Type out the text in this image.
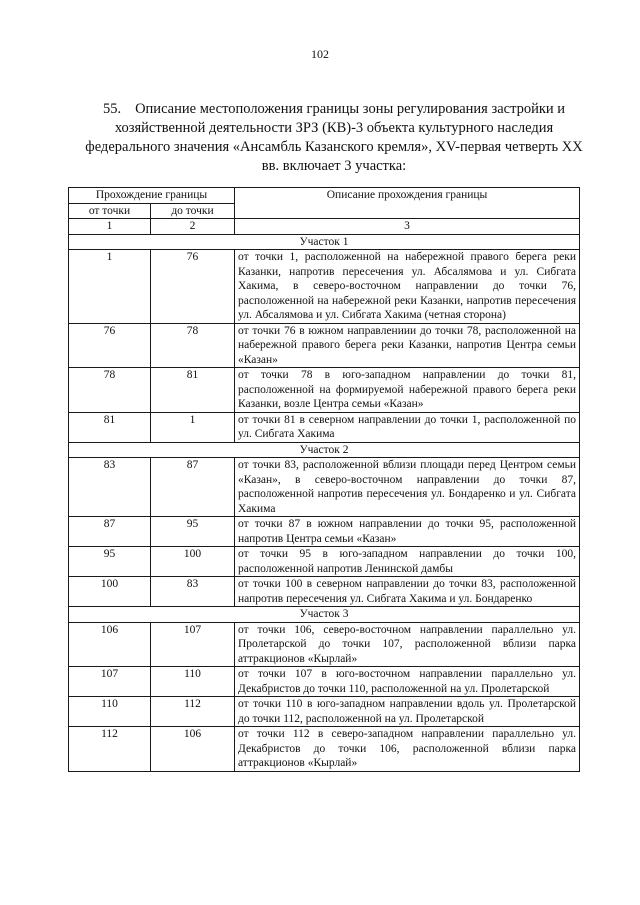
102
55. Описание местоположения границы зоны регулирования застройки и хозяйственной деятельности ЗРЗ (КВ)-3 объекта культурного наследия федерального значения «Ансамбль Казанского кремля», XV-первая четверть XX вв. включает 3 участка:
Прохождение границы		Описание прохождения границы
от точки	до точки	
1	2	3
Участок 1		
1	76	от точки 1, расположенной на набережной правого берега реки Казанки, напротив пересечения ул. Абсалямова и ул. Сибгата Хакима, в северо-восточном направлении до точки 76, расположенной на набережной реки Казанки, напротив пересечения ул. Абсалямова и ул. Сибгата Хакима (четная сторона)
76	78	от точки 76 в южном направлениии до точки 78, расположенной на набережной правого берега реки Казанки, напротив Центра семьи «Казан»
78	81	от точки 78 в юго-западном направлении до точки 81, расположенной на формируемой набережной правого берега реки Казанки, возле Центра семьи «Казан»
81	1	от точки 81 в северном направлении до точки 1, расположенной по ул. Сибгата Хакима
Участок 2		
83	87	от точки 83, расположенной вблизи площади перед Центром семьи «Казан», в северо-восточном направлении до точки 87, расположенной напротив пересечения ул. Бондаренко и ул. Сибгата Хакима
87	95	от точки 87 в южном направлении до точки 95, расположенной напротив Центра семьи «Казан»
95	100	от точки 95 в юго-западном направлении до точки 100, расположенной напротив Ленинской дамбы
100	83	от точки 100 в северном направлении до точки 83, расположенной напротив пересечения ул. Сибгата Хакима и ул. Бондаренко
Участок 3		
106	107	от точки 106, северо-восточном направлении параллельно ул. Пролетарской до точки 107, расположенной вблизи парка аттракционов «Кырлай»
107	110	от точки 107 в юго-восточном направлении параллельно ул. Декабристов до точки 110, расположенной на ул. Пролетарской
110	112	от точки 110 в юго-западном направлении вдоль ул. Пролетарской до точки 112, расположенной на ул. Пролетарской
112	106	от точки 112 в северо-западном направлении параллельно ул. Декабристов до точки 106, расположенной вблизи парка аттракционов «Кырлай»
